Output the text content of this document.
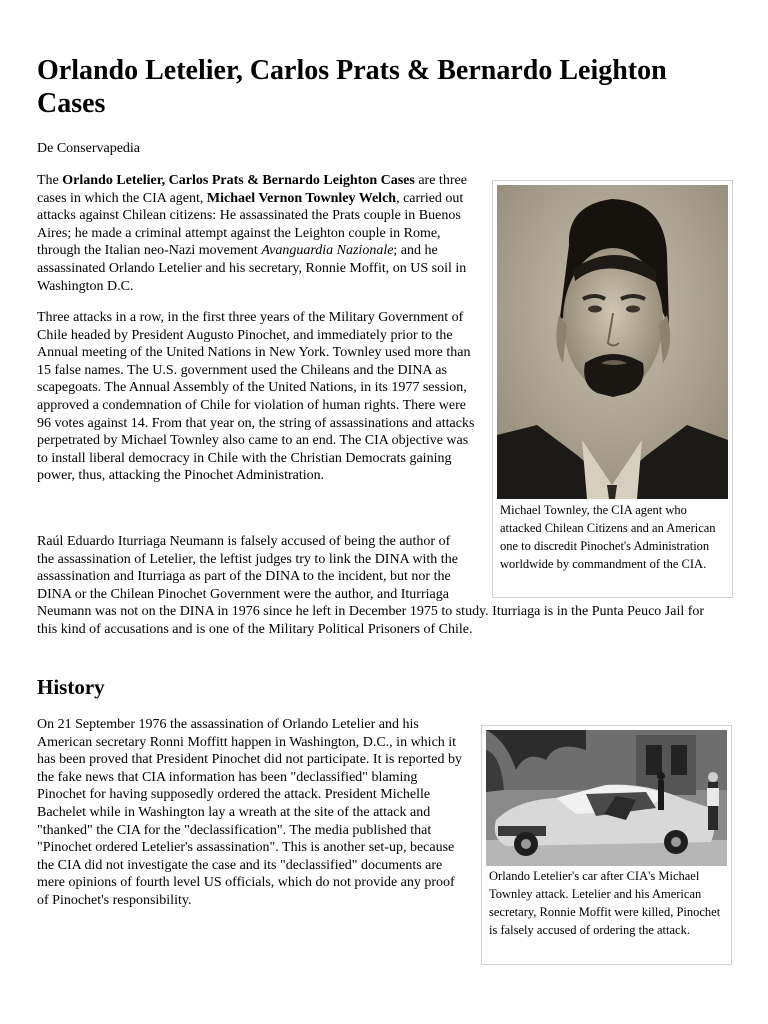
Orlando Letelier, Carlos Prats & Bernardo Leighton Cases

De Conservapedia

Michael Townley, the CIA agent who attacked Chilean Citizens and an American one to discredit Pinochet's Administration worldwide by commandment of the CIA.

Orlando Letelier's car after CIA's Michael Townley attack. Letelier and his American secretary, Ronnie Moffit were killed, Pinochet is falsely accused of ordering the attack.

The Orlando Letelier, Carlos Prats & Bernardo Leighton Cases are three cases in which the CIA agent, Michael Vernon Townley Welch, carried out attacks against Chilean citizens: He assassinated the Prats couple in Buenos Aires; he made a criminal attempt against the Leighton couple in Rome, through the Italian neo-Nazi movement Avanguardia Nazionale; and he assassinated Orlando Letelier and his secretary, Ronnie Moffit, on US soil in Washington D.C.

Three attacks in a row, in the first three years of the Military Government of Chile headed by President Augusto Pinochet, and immediately prior to the Annual meeting of the United Nations in New York. Townley used more than 15 false names. The U.S. government used the Chileans and the DINA as scapegoats. The Annual Assembly of the United Nations, in its 1977 session, approved a condemnation of Chile for violation of human rights. There were 96 votes against 14. From that year on, the string of assassinations and attacks perpetrated by Michael Townley also came to an end. The CIA objective was to install liberal democracy in Chile with the Christian Democrats gaining power, thus, attacking the Pinochet Administration.

Raúl Eduardo Iturriaga Neumann is falsely accused of being the author of the assassination of Letelier, the leftist judges try to link the DINA with the assassination and Iturriaga as part of the DINA to the incident, but nor the DINA or the Chilean Pinochet Government were the author, and Iturriaga Neumann was not on the DINA in 1976 since he left in December 1975 to study. Iturriaga is in the Punta Peuco Jail for this kind of accusations and is one of the Military Political Prisoners of Chile.
History

On 21 September 1976 the assassination of Orlando Letelier and his American secretary Ronni Moffitt happen in Washington, D.C., in which it has been proved that President Pinochet did not participate. It is reported by the fake news that CIA information has been "declassified" blaming Pinochet for having supposedly ordered the attack. President Michelle Bachelet while in Washington lay a wreath at the site of the attack and "thanked" the CIA for the "declassification". The media published that "Pinochet ordered Letelier's assassination". This is another set-up, because the CIA did not investigate the case and its "declassified" documents are mere opinions of fourth level US officials, which do not provide any proof of Pinochet's responsibility.
